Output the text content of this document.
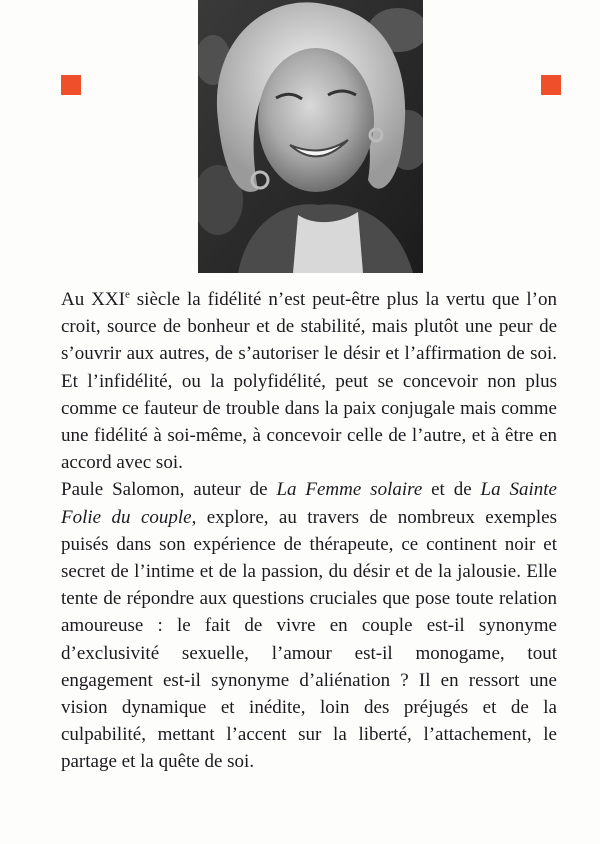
Au XXIe siècle la fidélité n’est peut-être plus la vertu que l’on croit, source de bonheur et de stabilité, mais plutôt une peur de s’ouvrir aux autres, de s’autoriser le désir et l’affirmation de soi. Et l’infidélité, ou la polyfidélité, peut se concevoir non plus comme ce fauteur de trouble dans la paix conjugale mais comme une fidélité à soi-même, à concevoir celle de l’autre, et à être en accord avec soi.

Paule Salomon, auteur de La Femme solaire et de La Sainte Folie du couple, explore, au travers de nombreux exemples puisés dans son expérience de thérapeute, ce continent noir et secret de l’intime et de la passion, du désir et de la jalousie. Elle tente de répondre aux questions cruciales que pose toute relation amoureuse : le fait de vivre en couple est-il synonyme d’exclusivité sexuelle, l’amour est-il monogame, tout engagement est-il synonyme d’aliénation ? Il en ressort une vision dynamique et inédite, loin des préjugés et de la culpabilité, mettant l’accent sur la liberté, l’attachement, le partage et la quête de soi.
